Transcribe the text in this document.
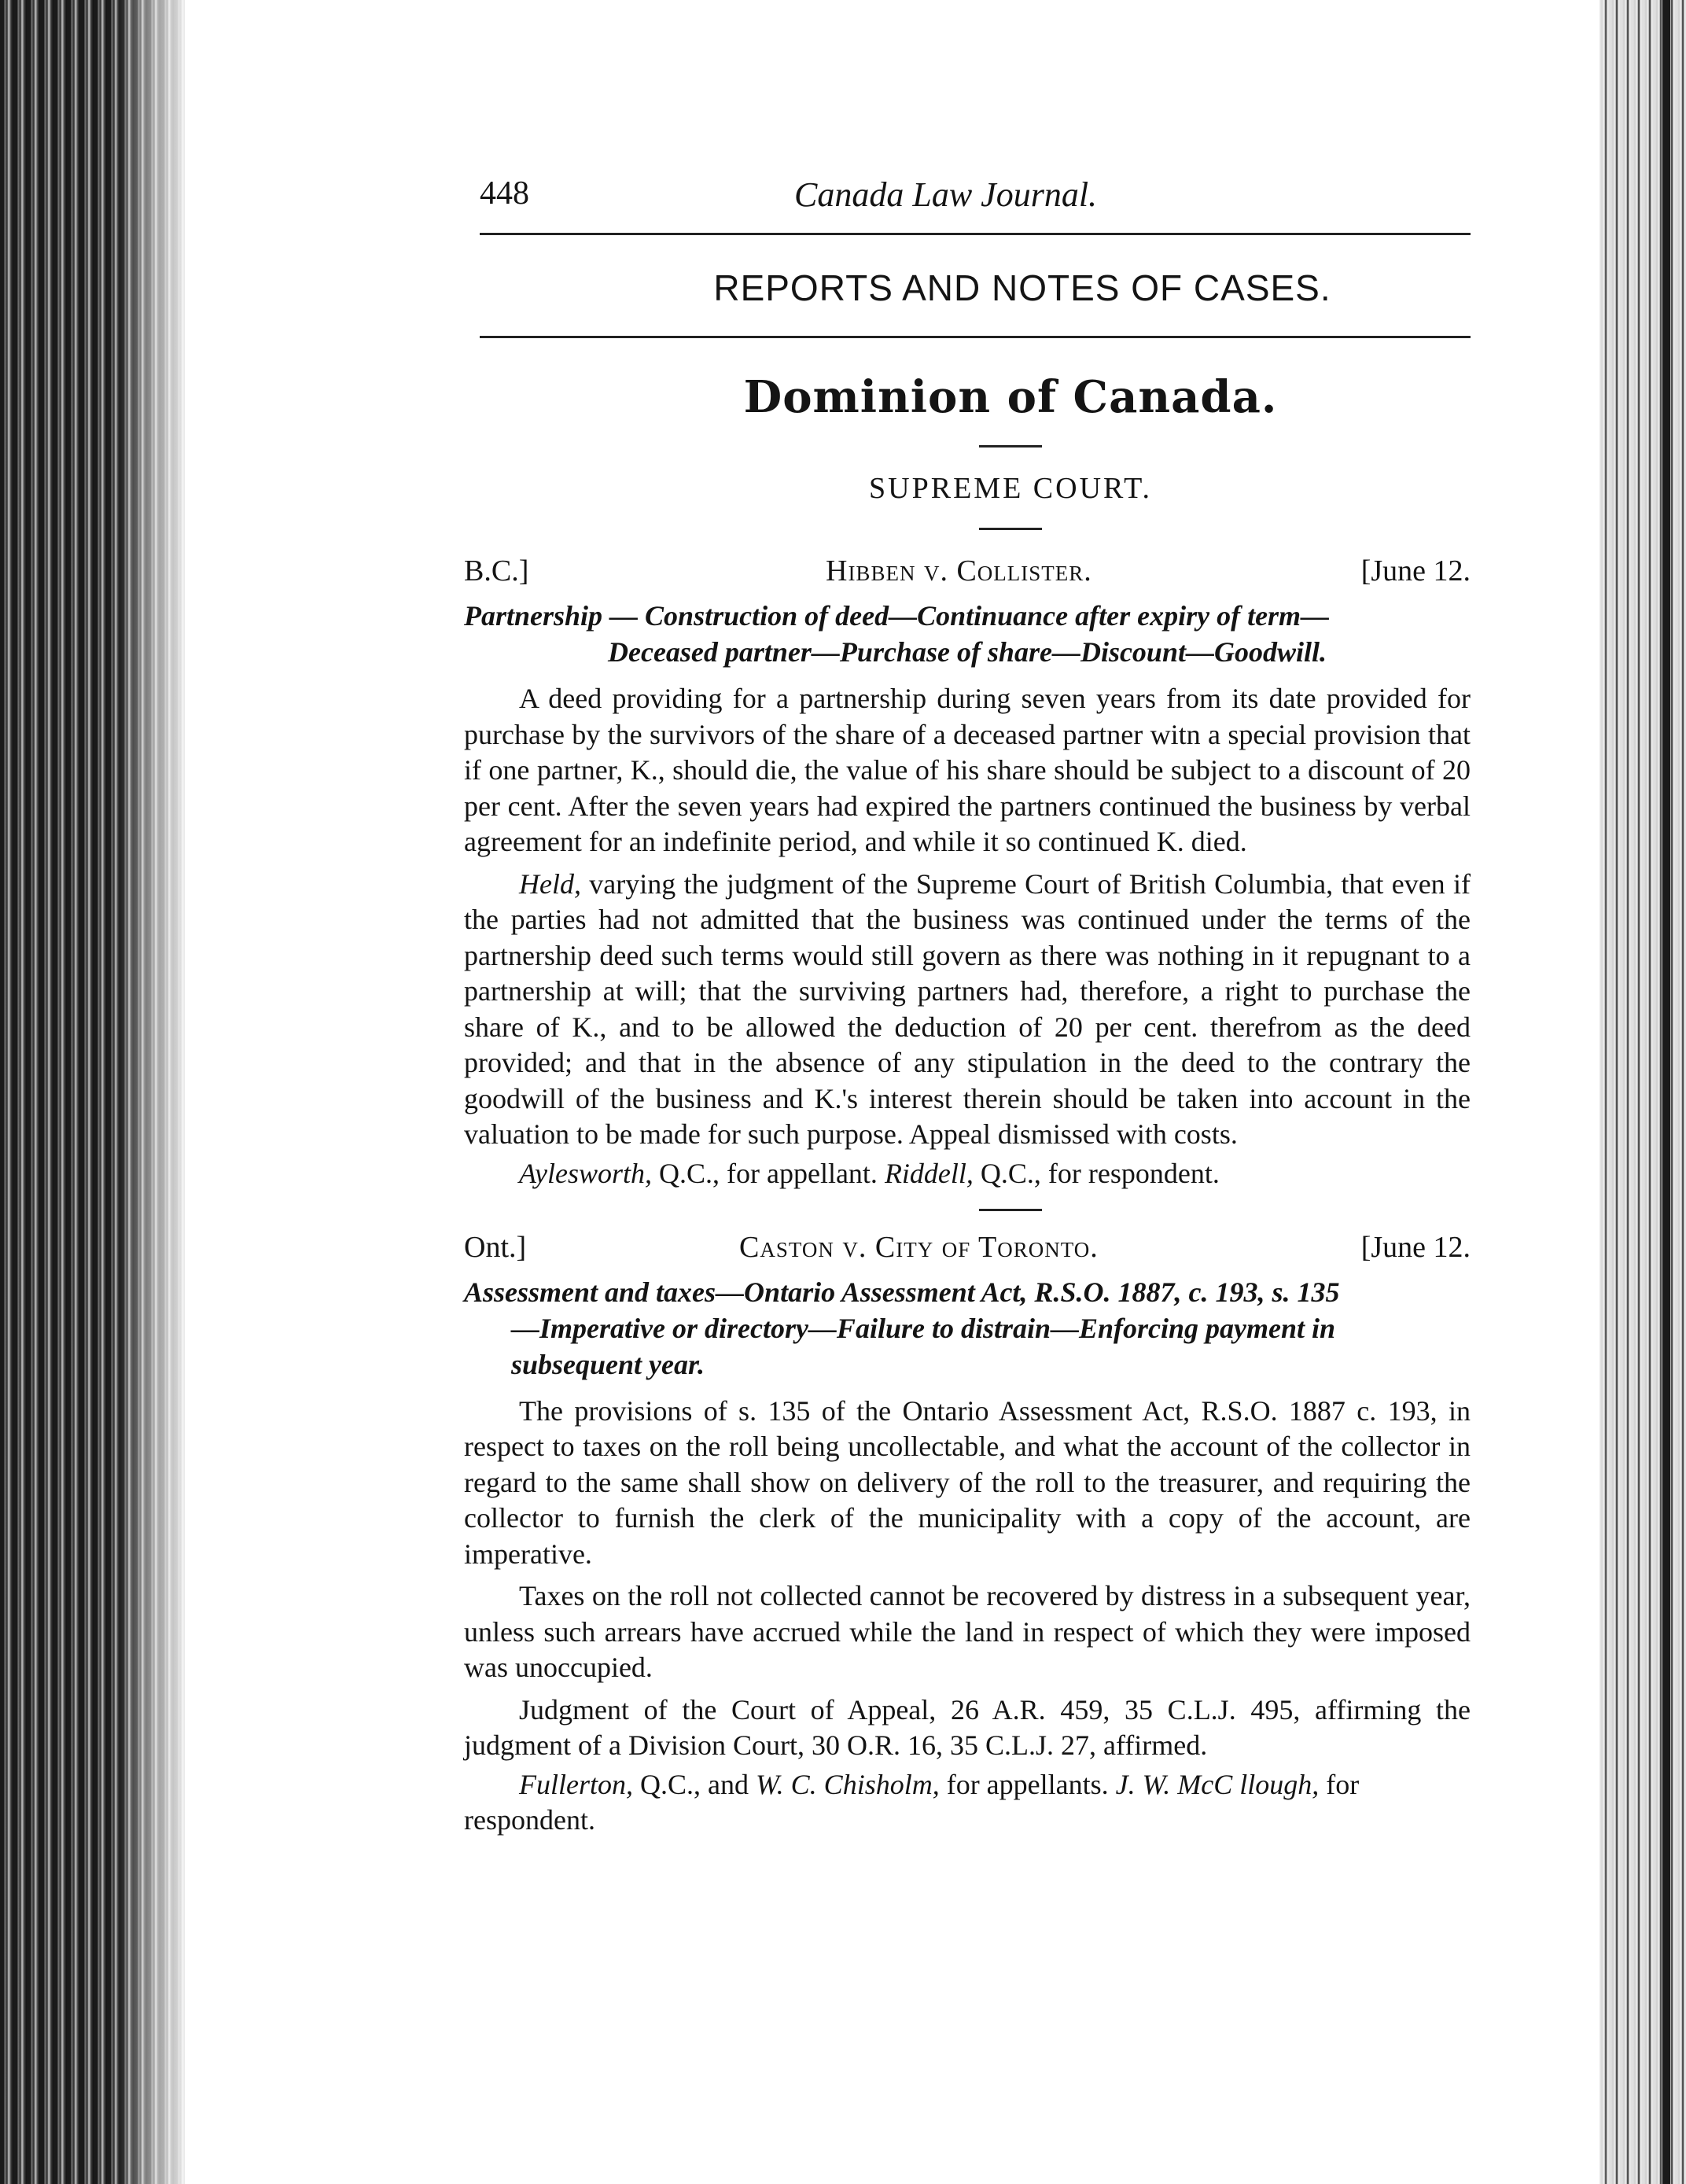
448	Canada Law Journal.
REPORTS AND NOTES OF CASES.
Dominion of Canada.
SUPREME COURT.
B.C.]	Hibben v. Collister.	[June 12.

Partnership — Construction of deed—Continuance after expiry of term—

Deceased partner—Purchase of share—Discount—Goodwill.

A deed providing for a partnership during seven years from its date provided for purchase by the survivors of the share of a deceased partner witn a special provision that if one partner, K., should die, the value of his share should be subject to a discount of 20 per cent. After the seven years had expired the partners continued the business by verbal agreement for an indefinite period, and while it so continued K. died.

Held, varying the judgment of the Supreme Court of British Columbia, that even if the parties had not admitted that the business was continued under the terms of the partnership deed such terms would still govern as there was nothing in it repugnant to a partnership at will; that the surviving partners had, therefore, a right to purchase the share of K., and to be allowed the deduction of 20 per cent. therefrom as the deed provided; and that in the absence of any stipulation in the deed to the contrary the goodwill of the business and K.'s interest therein should be taken into account in the valuation to be made for such purpose. Appeal dismissed with costs.

Aylesworth, Q.C., for appellant. Riddell, Q.C., for respondent.

Ont.]	Caston v. City of Toronto.	[June 12.

Assessment and taxes—Ontario Assessment Act, R.S.O. 1887, c. 193, s. 135

—Imperative or directory—Failure to distrain—Enforcing payment in subsequent year.

The provisions of s. 135 of the Ontario Assessment Act, R.S.O. 1887 c. 193, in respect to taxes on the roll being uncollectable, and what the account of the collector in regard to the same shall show on delivery of the roll to the treasurer, and requiring the collector to furnish the clerk of the municipality with a copy of the account, are imperative.

Taxes on the roll not collected cannot be recovered by distress in a subsequent year, unless such arrears have accrued while the land in respect of which they were imposed was unoccupied.

Judgment of the Court of Appeal, 26 A.R. 459, 35 C.L.J. 495, affirming the judgment of a Division Court, 30 O.R. 16, 35 C.L.J. 27, affirmed.

Fullerton, Q.C., and W. C. Chisholm, for appellants. J. W. McC llough, for respondent.
